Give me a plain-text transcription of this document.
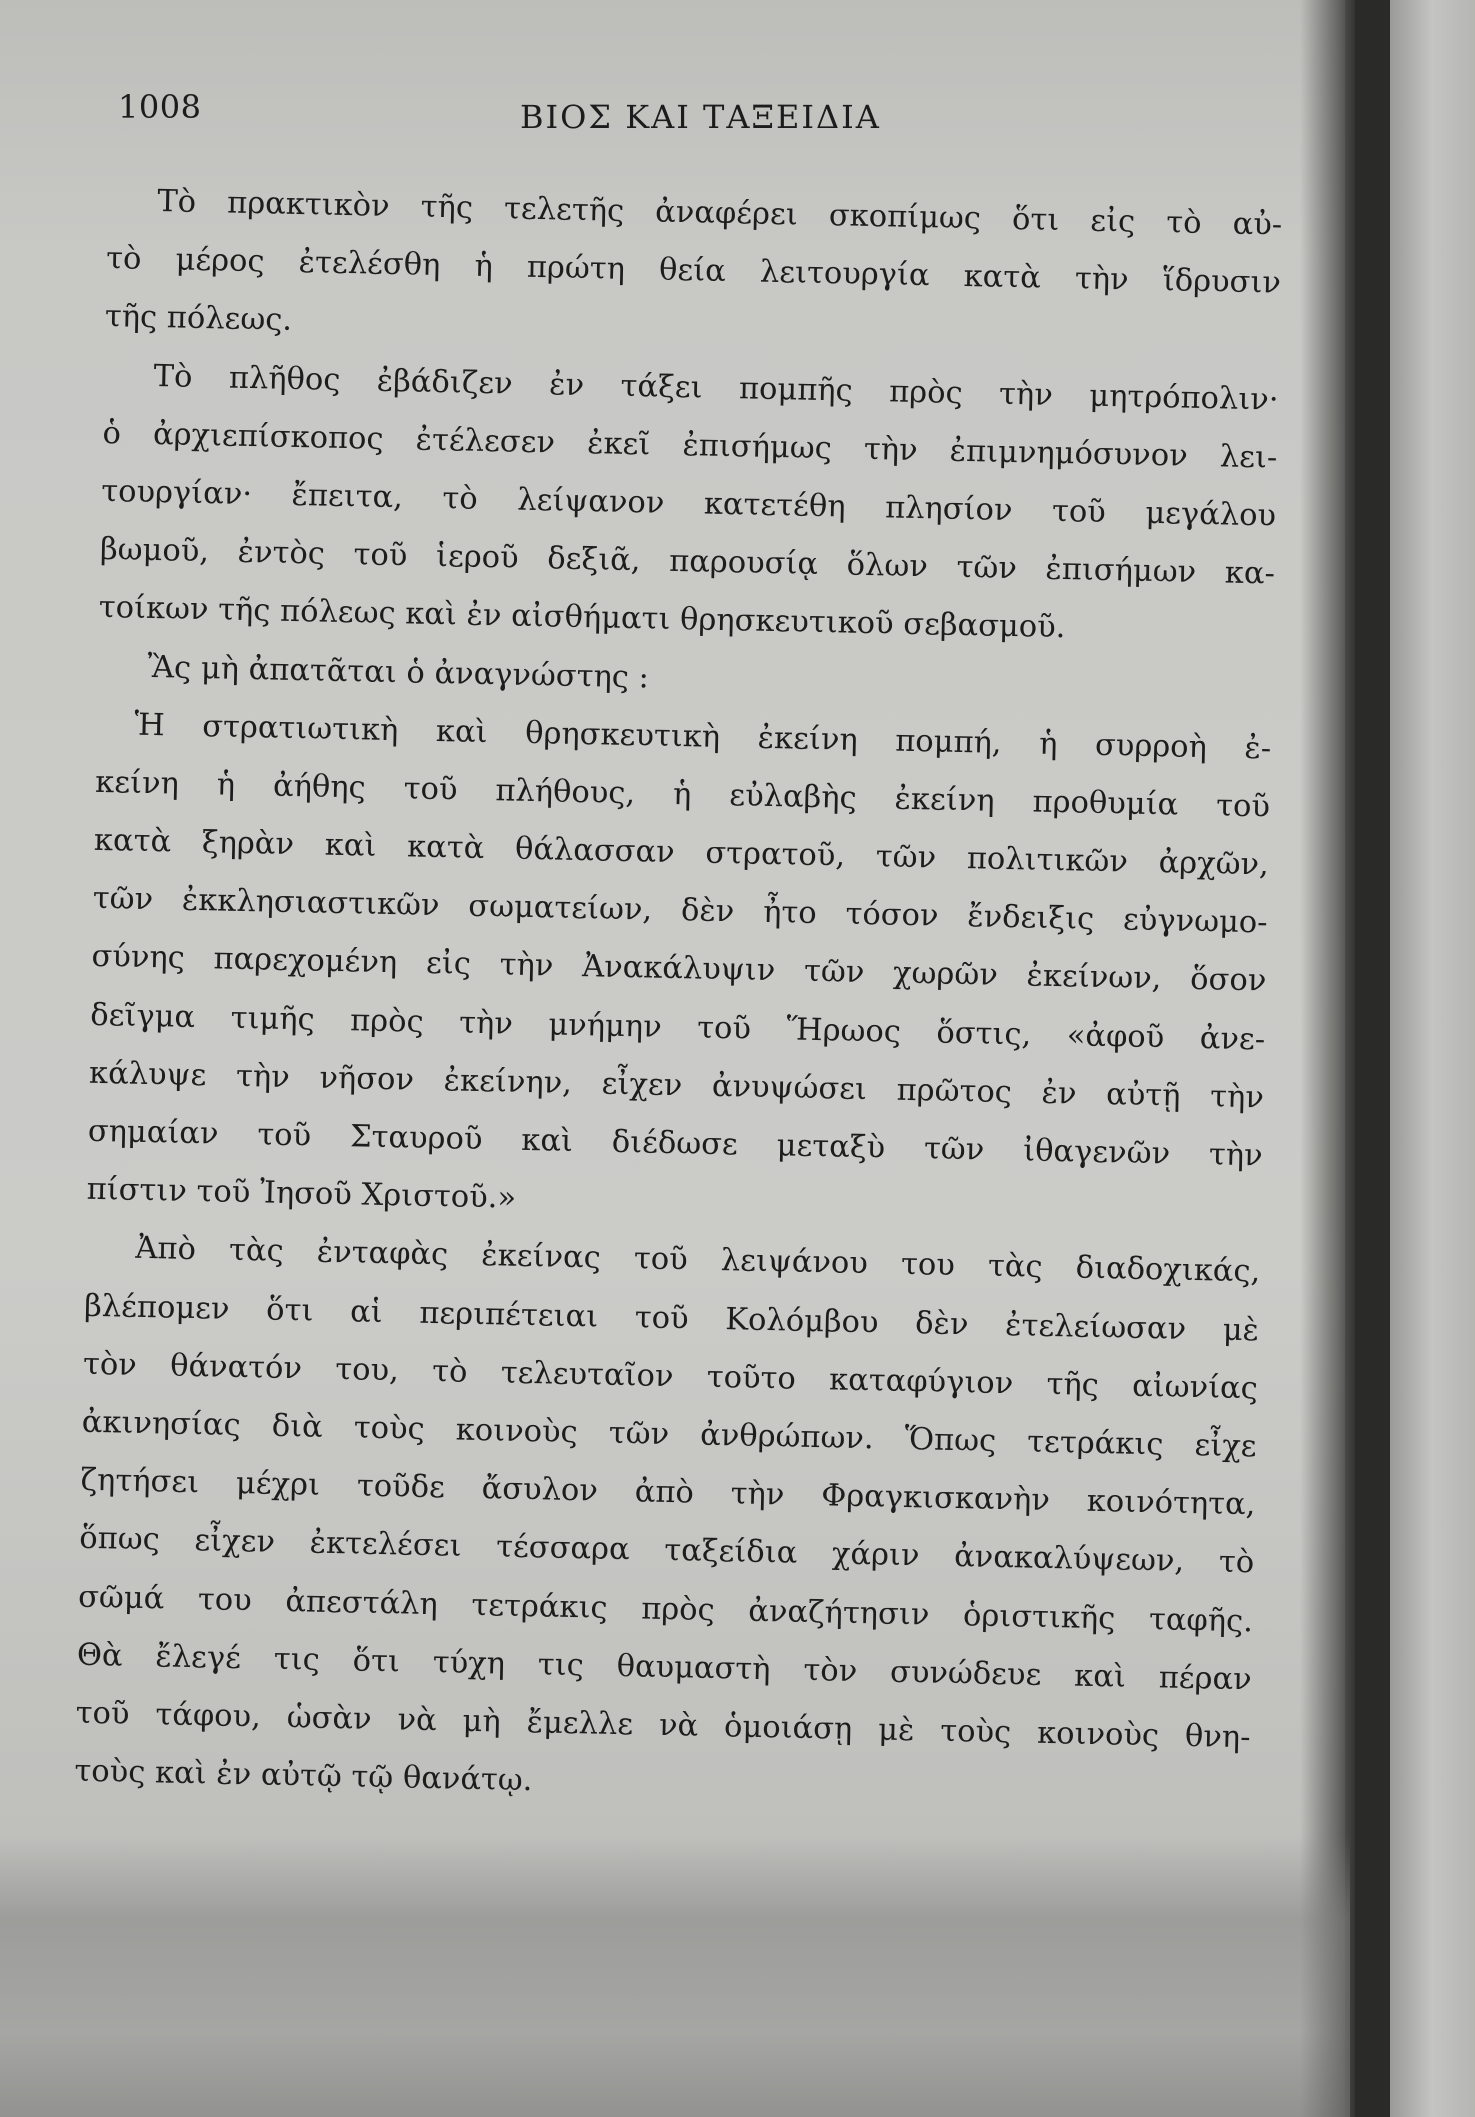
1008	ΒΙΟΣ ΚΑΙ ΤΑΞΕΙΔΙΑ
Τὸ πρακτικὸν τῆς τελετῆς ἀναφέρει σκοπίμως ὅτι εἰς τὸ αὐ-
τὸ μέρος ἐτελέσθη ἡ πρώτη θεία λειτουργία κατὰ τὴν ἵδρυσιν
τῆς πόλεως.
Τὸ πλῆθος ἐβάδιζεν ἐν τάξει πομπῆς πρὸς τὴν μητρόπολιν·
ὁ ἀρχιεπίσκοπος ἐτέλεσεν ἐκεῖ ἐπισήμως τὴν ἐπιμνημόσυνον λει-
τουργίαν· ἔπειτα, τὸ λείψανον κατετέθη πλησίον τοῦ μεγάλου
βωμοῦ, ἐντὸς τοῦ ἱεροῦ δεξιᾶ, παρουσίᾳ ὅλων τῶν ἐπισήμων κα-
τοίκων τῆς πόλεως καὶ ἐν αἰσθήματι θρησκευτικοῦ σεβασμοῦ.
Ἂς μὴ ἀπατᾶται ὁ ἀναγνώστης :
Ἡ στρατιωτικὴ καὶ θρησκευτικὴ ἐκείνη πομπή, ἡ συρροὴ ἐ-
κείνη ἡ ἀήθης τοῦ πλήθους, ἡ εὐλαβὴς ἐκείνη προθυμία τοῦ
κατὰ ξηρὰν καὶ κατὰ θάλασσαν στρατοῦ, τῶν πολιτικῶν ἀρχῶν,
τῶν ἐκκλησιαστικῶν σωματείων, δὲν ἦτο τόσον ἔνδειξις εὐγνωμο-
σύνης παρεχομένη εἰς τὴν Ἀνακάλυψιν τῶν χωρῶν ἐκείνων, ὅσον
δεῖγμα τιμῆς πρὸς τὴν μνήμην τοῦ Ἥρωος ὅστις, «ἀφοῦ ἀνε-
κάλυψε τὴν νῆσον ἐκείνην, εἶχεν ἀνυψώσει πρῶτος ἐν αὐτῇ τὴν
σημαίαν τοῦ Σταυροῦ καὶ διέδωσε μεταξὺ τῶν ἰθαγενῶν τὴν
πίστιν τοῦ Ἰησοῦ Χριστοῦ.»
Ἀπὸ τὰς ἐνταφὰς ἐκείνας τοῦ λειψάνου του τὰς διαδοχικάς,
βλέπομεν ὅτι αἱ περιπέτειαι τοῦ Κολόμβου δὲν ἐτελείωσαν μὲ
τὸν θάνατόν του, τὸ τελευταῖον τοῦτο καταφύγιον τῆς αἰωνίας
ἀκινησίας διὰ τοὺς κοινοὺς τῶν ἀνθρώπων. Ὅπως τετράκις εἶχε
ζητήσει μέχρι τοῦδε ἄσυλον ἀπὸ τὴν Φραγκισκανὴν κοινότητα,
ὅπως εἶχεν ἐκτελέσει τέσσαρα ταξείδια χάριν ἀνακαλύψεων, τὸ
σῶμά του ἀπεστάλη τετράκις πρὸς ἀναζήτησιν ὁριστικῆς ταφῆς.
Θὰ ἔλεγέ τις ὅτι τύχη τις θαυμαστὴ τὸν συνώδευε καὶ πέραν
τοῦ τάφου, ὡσὰν νὰ μὴ ἔμελλε νὰ ὁμοιάσῃ μὲ τοὺς κοινοὺς θνη-
τοὺς καὶ ἐν αὐτῷ τῷ θανάτῳ.
